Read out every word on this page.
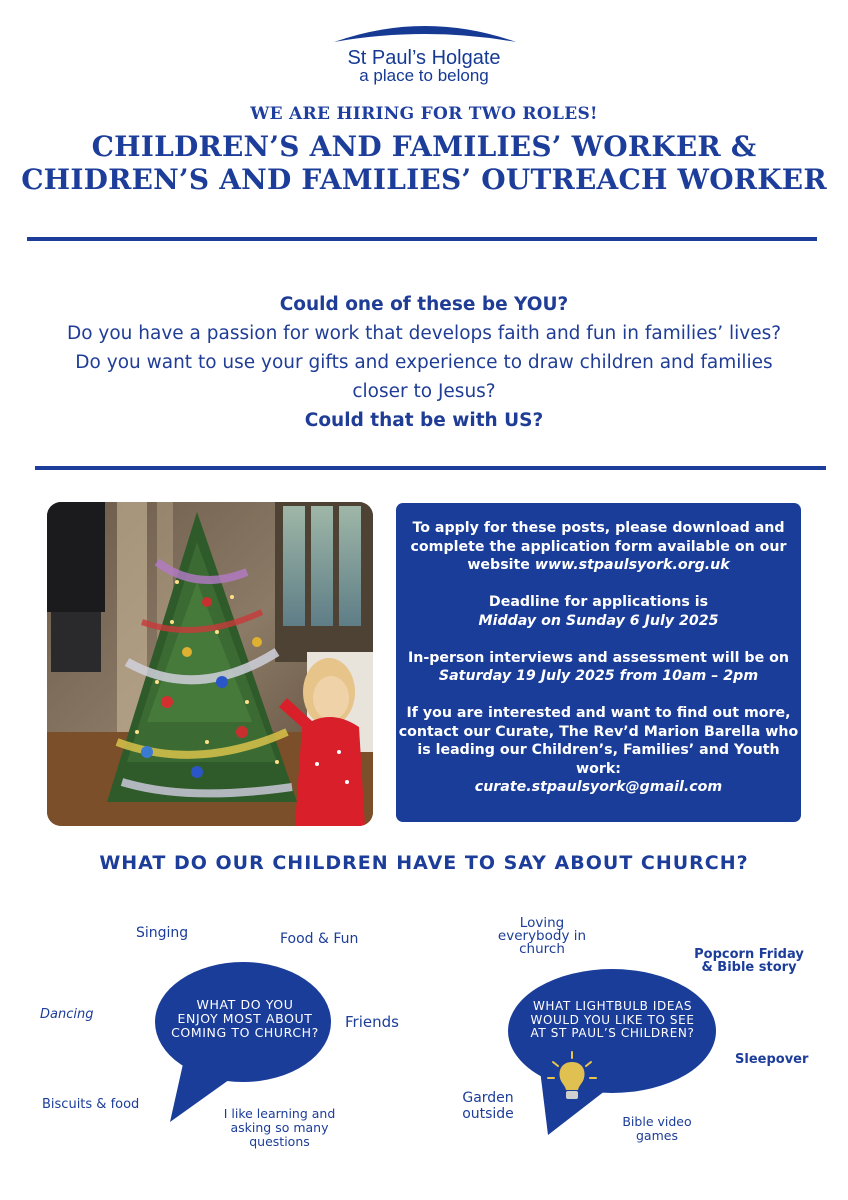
St Paul’s Holgate
a place to belong
WE ARE HIRING FOR TWO ROLES!
CHILDREN’S AND FAMILIES’ WORKER &
CHIDREN’S AND FAMILIES’ OUTREACH WORKER
Could one of these be YOU?
Do you have a passion for work that develops faith and fun in families’ lives?
Do you want to use your gifts and experience to draw children and families
closer to Jesus?
Could that be with US?

To apply for these posts, please download and
complete the application form available on our
website www.stpaulsyork.org.uk

Deadline for applications is
Midday on Sunday 6 July 2025

In-person interviews and assessment will be on
Saturday 19 July 2025 from 10am – 2pm

If you are interested and want to find out more,
contact our Curate, The Rev’d Marion Barella who
is leading our Children’s, Families’ and Youth work:
curate.stpaulsyork@gmail.com

WHAT DO OUR CHILDREN HAVE TO SAY ABOUT CHURCH?
WHAT DO YOU
ENJOY MOST ABOUT
COMING TO CHURCH?
Singing	Food & Fun
Dancing	Friends
Biscuits & food
I like learning and
asking so many
questions
WHAT LIGHTBULB IDEAS
WOULD YOU LIKE TO SEE
AT ST PAUL’S CHILDREN?
Loving
everybody in
church	Popcorn Friday
& Bible story
Sleepover
Garden
outside	Bible video
games
